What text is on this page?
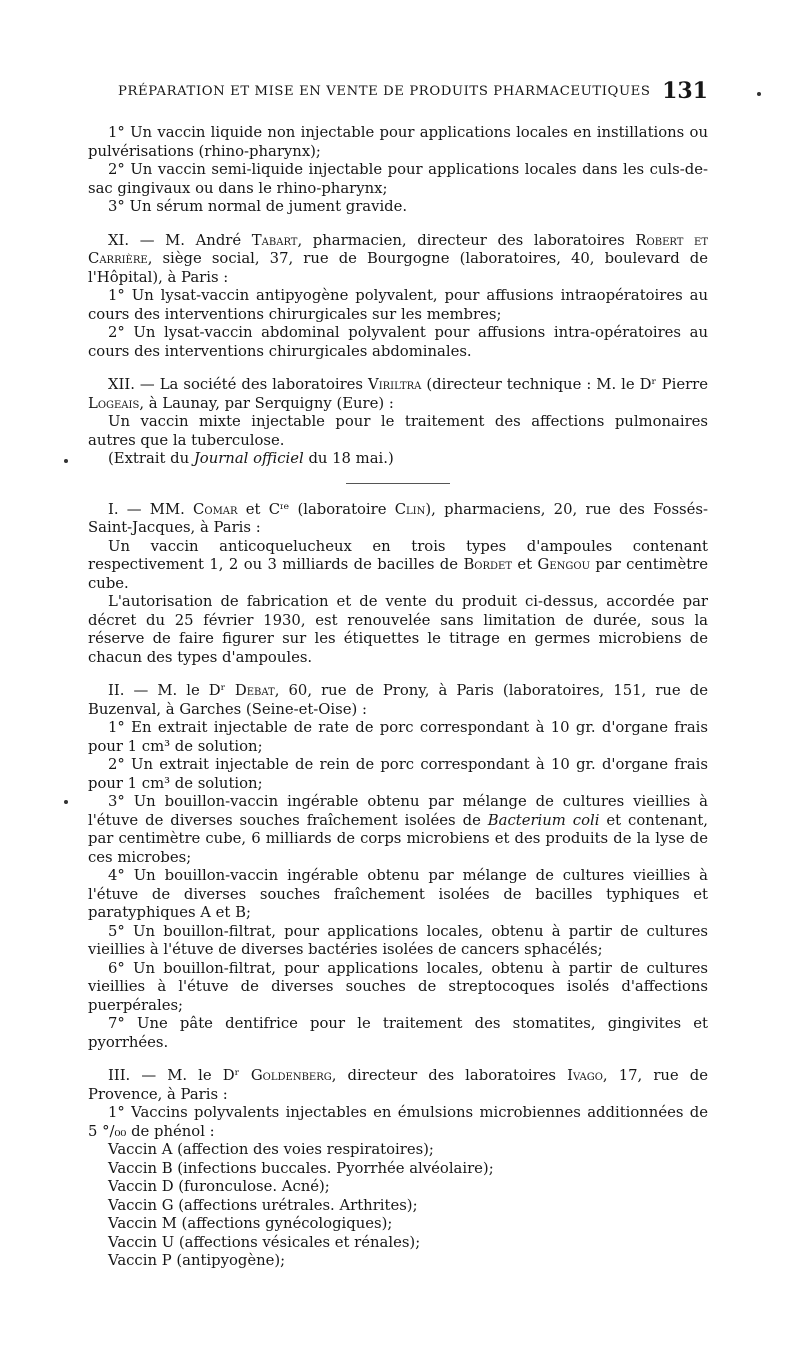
PRÉPARATION ET MISE EN VENTE DE PRODUITS PHARMACEUTIQUES 131

1° Un vaccin liquide non injectable pour applications locales en instillations ou pulvérisations (rhino-pharynx);

2° Un vaccin semi-liquide injectable pour applications locales dans les culs-de-sac gingivaux ou dans le rhino-pharynx;

3° Un sérum normal de jument gravide.

XI. — M. André Tabart, pharmacien, directeur des laboratoires Robert et Carrière, siège social, 37, rue de Bourgogne (laboratoires, 40, boulevard de l'Hôpital), à Paris :

1° Un lysat-vaccin antipyogène polyvalent, pour affusions intraopératoires au cours des interventions chirurgicales sur les membres;

2° Un lysat-vaccin abdominal polyvalent pour affusions intra-opératoires au cours des interventions chirurgicales abdominales.

XII. — La société des laboratoires Viriltra (directeur technique : M. le Dʳ Pierre Logeais, à Launay, par Serquigny (Eure) :

Un vaccin mixte injectable pour le traitement des affections pulmonaires autres que la tuberculose.

(Extrait du Journal officiel du 18 mai.)

I. — MM. Comar et Cᶦᵉ (laboratoire Clin), pharmaciens, 20, rue des Fossés-Saint-Jacques, à Paris :

Un vaccin anticoquelucheux en trois types d'ampoules contenant respectivement 1, 2 ou 3 milliards de bacilles de Bordet et Gengou par centimètre cube.

L'autorisation de fabrication et de vente du produit ci-dessus, accordée par décret du 25 février 1930, est renouvelée sans limitation de durée, sous la réserve de faire figurer sur les étiquettes le titrage en germes microbiens de chacun des types d'ampoules.

II. — M. le Dʳ Debat, 60, rue de Prony, à Paris (laboratoires, 151, rue de Buzenval, à Garches (Seine-et-Oise) :

1° En extrait injectable de rate de porc correspondant à 10 gr. d'organe frais pour 1 cm³ de solution;

2° Un extrait injectable de rein de porc correspondant à 10 gr. d'organe frais pour 1 cm³ de solution;

3° Un bouillon-vaccin ingérable obtenu par mélange de cultures vieillies à l'étuve de diverses souches fraîchement isolées de Bacterium coli et contenant, par centimètre cube, 6 milliards de corps microbiens et des produits de la lyse de ces microbes;

4° Un bouillon-vaccin ingérable obtenu par mélange de cultures vieillies à l'étuve de diverses souches fraîchement isolées de bacilles typhiques et paratyphiques A et B;

5° Un bouillon-filtrat, pour applications locales, obtenu à partir de cultures vieillies à l'étuve de diverses bactéries isolées de cancers sphacélés;

6° Un bouillon-filtrat, pour applications locales, obtenu à partir de cultures vieillies à l'étuve de diverses souches de streptocoques isolés d'affections puerpérales;

7° Une pâte dentifrice pour le traitement des stomatites, gingivites et pyorrhées.

III. — M. le Dʳ Goldenberg, directeur des laboratoires Ivago, 17, rue de Provence, à Paris :

1° Vaccins polyvalents injectables en émulsions microbiennes additionnées de 5 °/₀₀ de phénol :

Vaccin A (affection des voies respiratoires);

Vaccin B (infections buccales. Pyorrhée alvéolaire);

Vaccin D (furonculose. Acné);

Vaccin G (affections urétrales. Arthrites);

Vaccin M (affections gynécologiques);

Vaccin U (affections vésicales et rénales);

Vaccin P (antipyogène);
